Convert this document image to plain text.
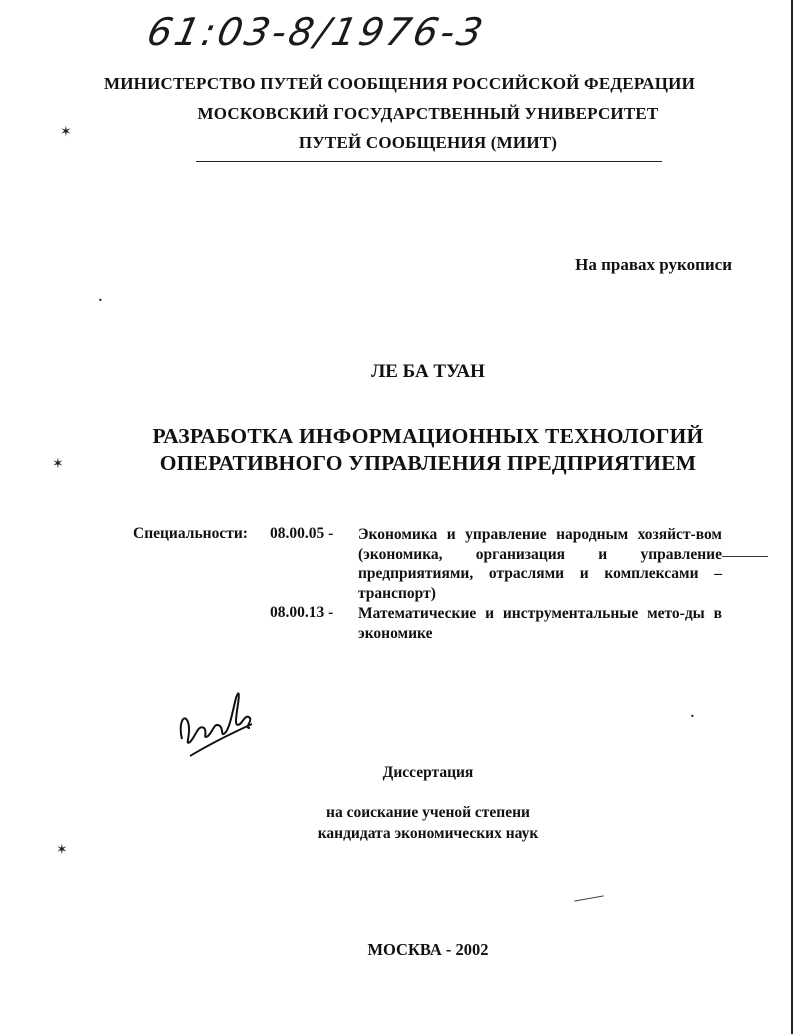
61:03-8/1976-3
МИНИСТЕРСТВО ПУТЕЙ СООБЩЕНИЯ РОССИЙСКОЙ ФЕДЕРАЦИИ
МОСКОВСКИЙ ГОСУДАРСТВЕННЫЙ УНИВЕРСИТЕТ
ПУТЕЙ СООБЩЕНИЯ (МИИТ)
На правах рукописи
ЛЕ БА ТУАН
РАЗРАБОТКА ИНФОРМАЦИОННЫХ ТЕХНОЛОГИЙ
ОПЕРАТИВНОГО УПРАВЛЕНИЯ ПРЕДПРИЯТИЕМ
Специальности: 08.00.05 - Экономика и управление народным хозяйст-вом (экономика, организация и управление предприятиями, отраслями и комплексами – транспорт)
08.00.13 - Математические и инструментальные мето-ды в экономике
Диссертация
на соискание ученой степени
кандидата экономических наук
МОСКВА - 2002
✶
✶
✶
•
•
